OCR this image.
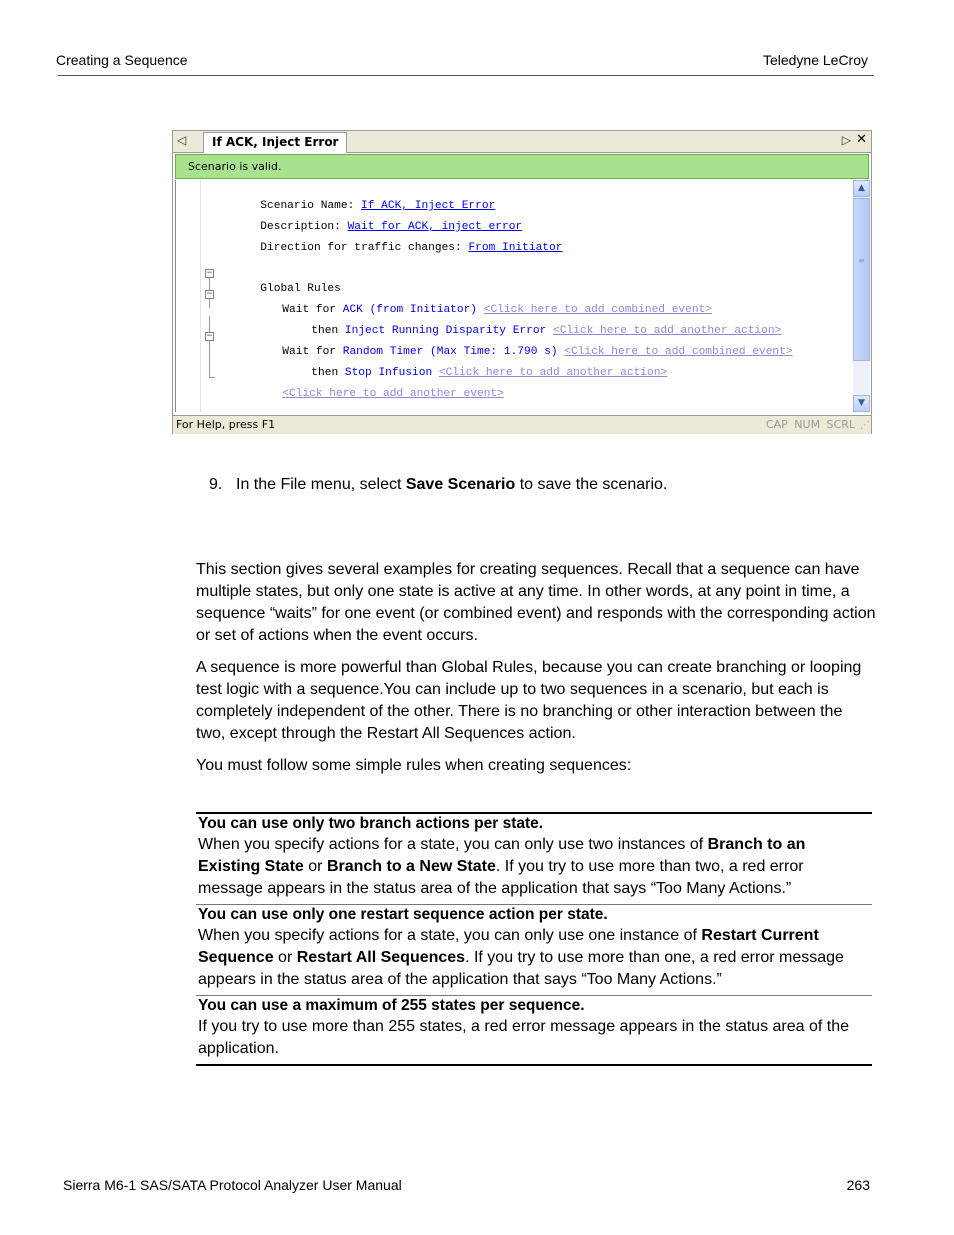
Creating a Sequence	Teledyne LeCroy
◁	If ACK, Inject Error	▷ ✕
Scenario is valid.

Scenario Name: If ACK, Inject Error

Description: Wait for ACK, inject error

Direction for traffic changes: From Initiator

−

Global Rules

−

Wait for ACK (from Initiator) <Click here to add combined event>

then Inject Running Disparity Error <Click here to add another action>

−

Wait for Random Timer (Max Time: 1.790 s) <Click here to add combined event>

then Stop Infusion <Click here to add another action>

<Click here to add another event>

▲
≡
▼
For Help, press F1	CAP NUM SCRL ⋰
9. In the File menu, select Save Scenario to save the scenario.
This section gives several examples for creating sequences. Recall that a sequence can have multiple states, but only one state is active at any time. In other words, at any point in time, a sequence “waits” for one event (or combined event) and responds with the corresponding action or set of actions when the event occurs.
A sequence is more powerful than Global Rules, because you can create branching or looping test logic with a sequence.You can include up to two sequences in a scenario, but each is completely independent of the other. There is no branching or other interaction between the two, except through the Restart All Sequences action.
You must follow some simple rules when creating sequences:
You can use only two branch actions per state.
When you specify actions for a state, you can only use two instances of Branch to an Existing State or Branch to a New State. If you try to use more than two, a red error message appears in the status area of the application that says “Too Many Actions.”
You can use only one restart sequence action per state.
When you specify actions for a state, you can only use one instance of Restart Current Sequence or Restart All Sequences. If you try to use more than one, a red error message appears in the status area of the application that says “Too Many Actions.”
You can use a maximum of 255 states per sequence.
If you try to use more than 255 states, a red error message appears in the status area of the application.
Sierra M6-1 SAS/SATA Protocol Analyzer User Manual	263
